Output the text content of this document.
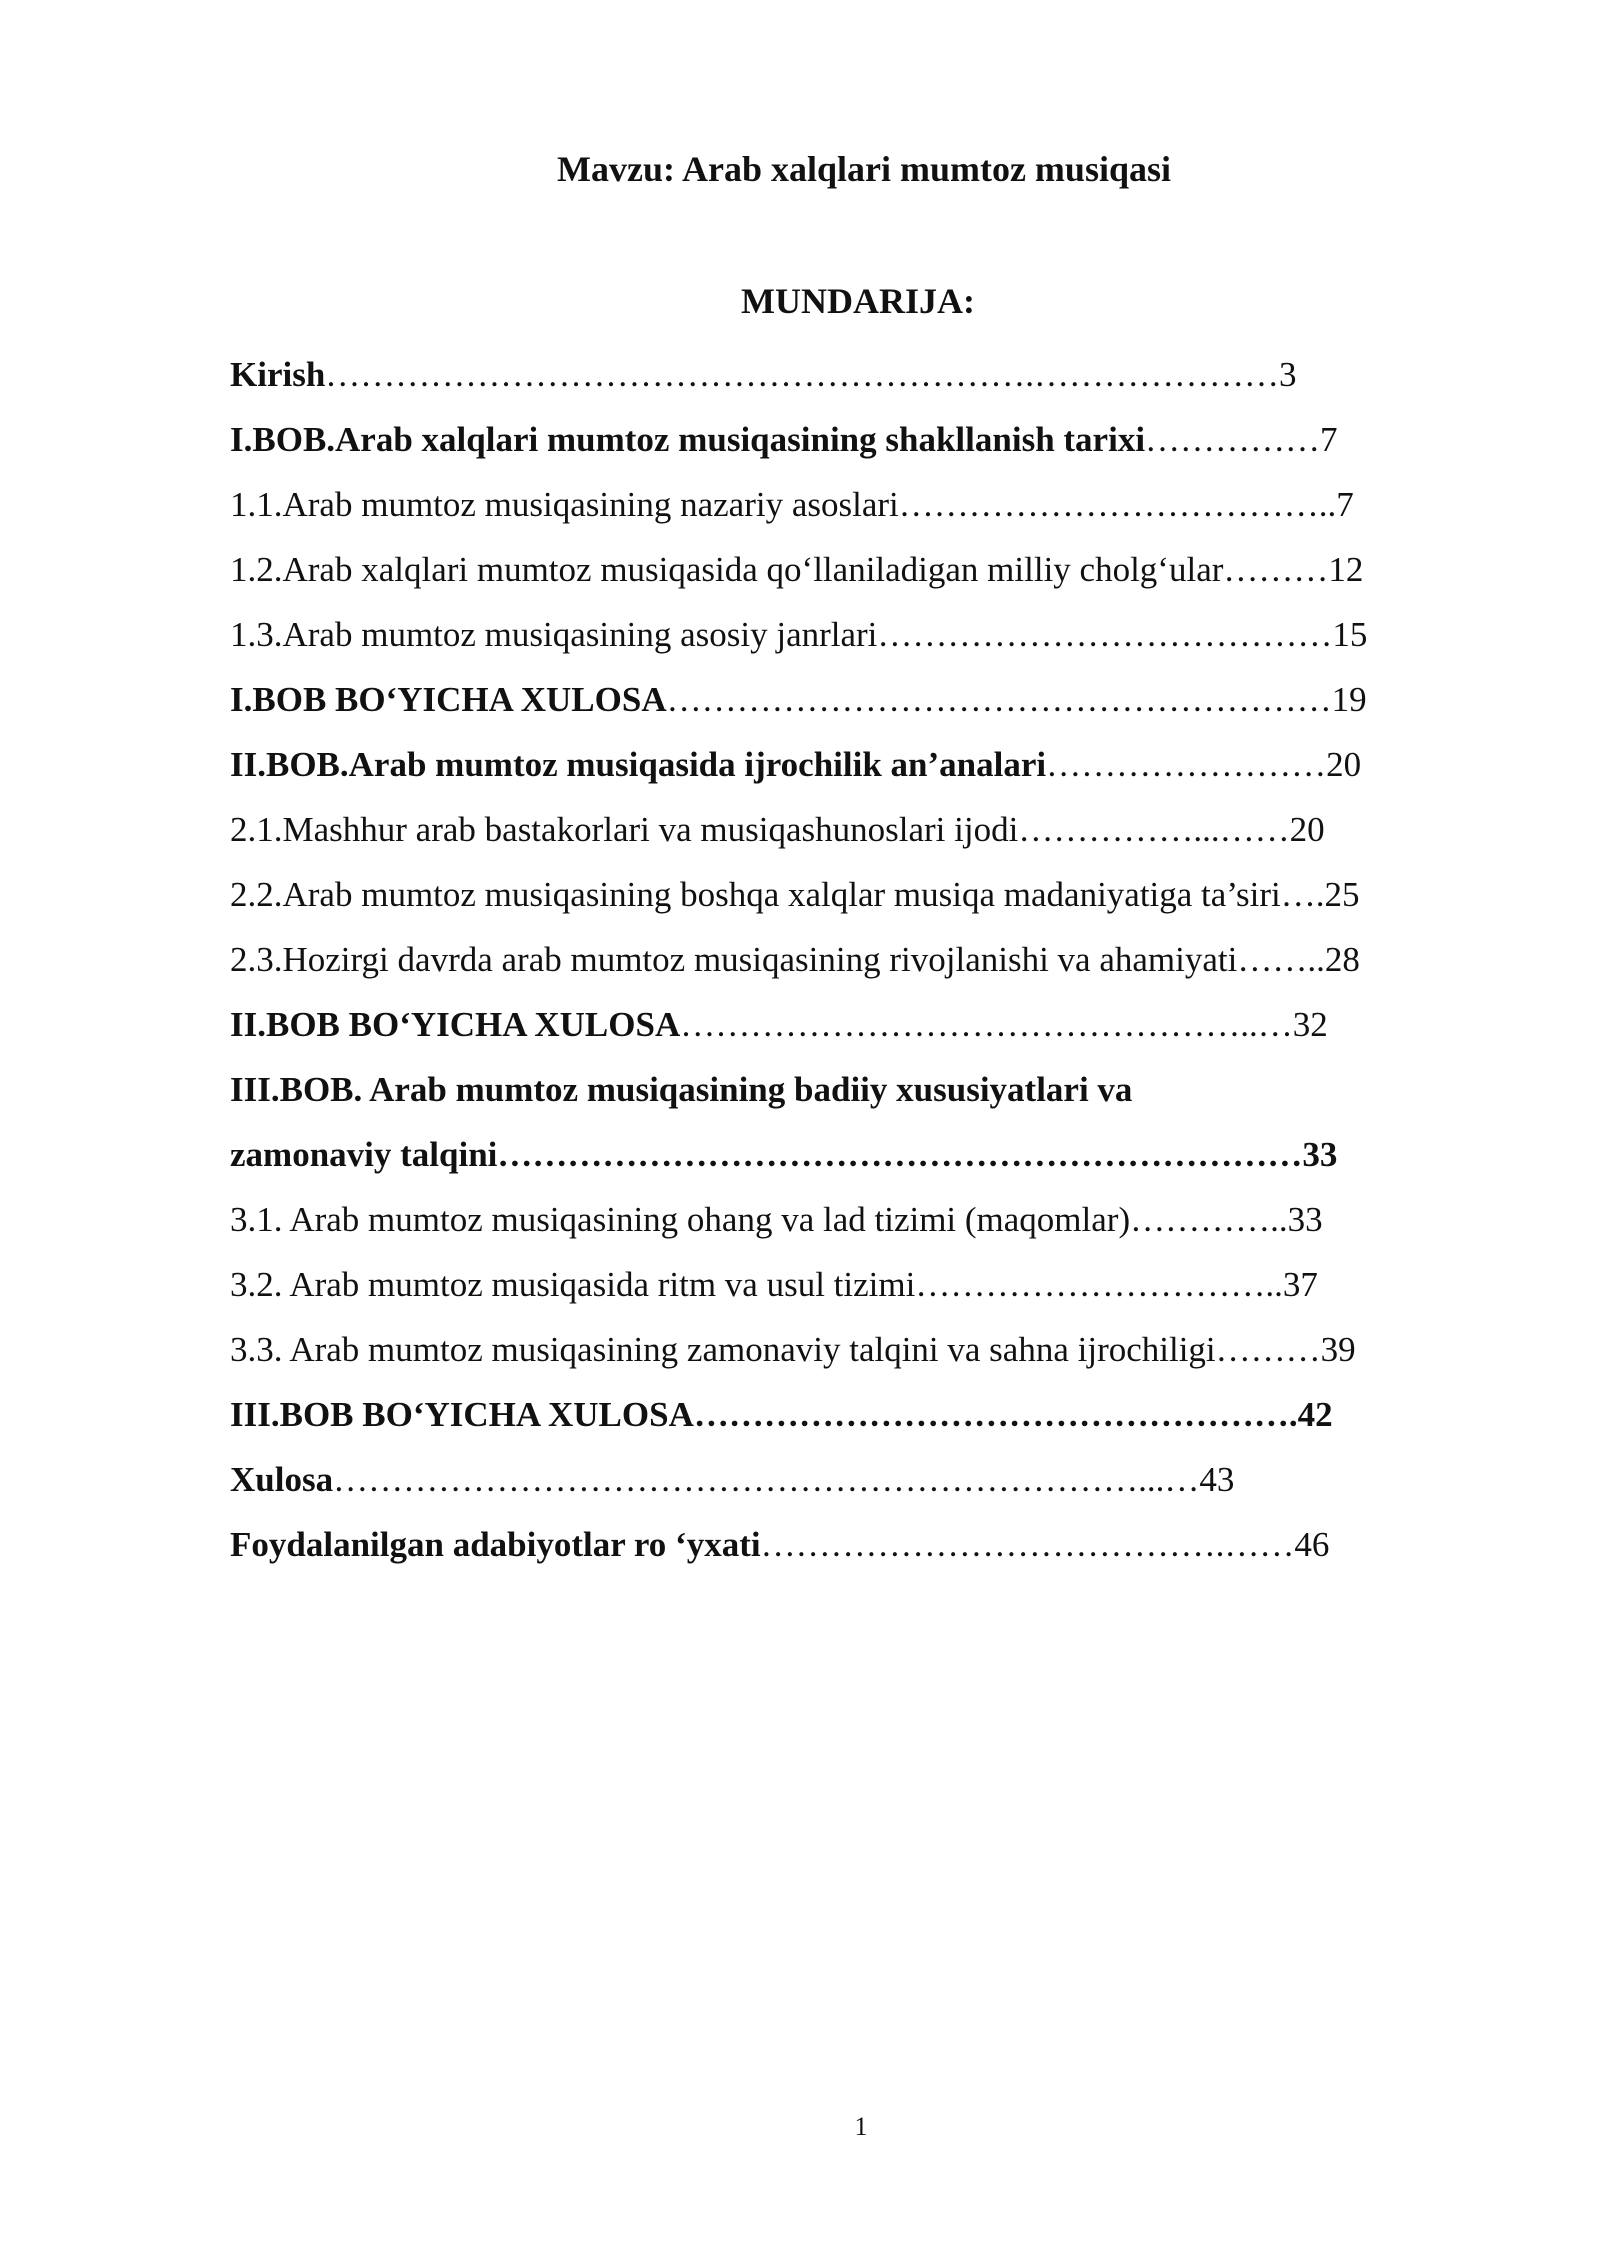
Mavzu: Arab xalqlari mumtoz musiqasi
MUNDARIJA:
Kirish…………………………………………………….…………………3
I.BOB.Arab xalqlari mumtoz musiqasining shakllanish tarixi……………7
1.1.Arab mumtoz musiqasining nazariy asoslari………………………………..7
1.2.Arab xalqlari mumtoz musiqasida qo‘llaniladigan milliy cholg‘ular………12
1.3.Arab mumtoz musiqasining asosiy janrlari…………………………………15
I.BOB BO‘YICHA XULOSA…………………………………………………19
II.BOB.Arab mumtoz musiqasida ijrochilik an’analari……………………20
2.1.Mashhur arab bastakorlari va musiqashunoslari ijodi……………...……20
2.2.Arab mumtoz musiqasining boshqa xalqlar musiqa madaniyatiga ta’siri….25
2.3.Hozirgi davrda arab mumtoz musiqasining rivojlanishi va ahamiyati……..28
II.BOB BO‘YICHA XULOSA…………………………………………..…32
III.BOB. Arab mumtoz musiqasining badiiy xususiyatlari va
zamonaviy talqini……………………………………………………………33
3.1. Arab mumtoz musiqasining ohang va lad tizimi (maqomlar)…………..33
3.2. Arab mumtoz musiqasida ritm va usul tizimi…………………………..37
3.3. Arab mumtoz musiqasining zamonaviy talqini va sahna ijrochiligi………39
III.BOB BO‘YICHA XULOSA…………………………………………….42
Xulosa……………………………………………………………...…43
Foydalanilgan adabiyotlar ro ‘yxati………………………………….……46
1
